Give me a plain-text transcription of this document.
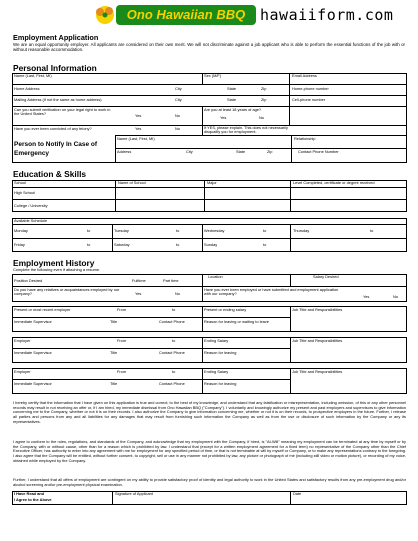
Ono Hawaiian BBQ hawaiiform.com
Employment Application
We are an equal opportunity employer. All applicants are considered on their own merit. We will not discriminate against a job applicant who is able to perform the essential functions of the job with or without reasonable accommodation.
Personal Information
Name (Last, First, MI)	Sex (M/F)	Email Address
Home Address	City	State	Zip	Home-phone number
Mailing Address (if not the same as home address)	City	State	Zip	Cell-phone number
Can you submit verification on your legal right to work in the United States?	Yes	No
Are you at least 18 years of age?
Yes	No
Have you ever been convicted of any felony?	Yes	No	If YES, please explain. This does not necessarily disqualify you for employment.
Person to Notify In Case of Emergency
Name (Last, First, MI)	Relationship
Address	City	State	Zip	Contact Phone Number
Education & Skills
School	Name of School	Major	Level Completed, certificate or degree received
High School
College / University
Available Schedule
Monday	to	Tuesday	to	Wednesday	to	Thursday	to
Friday	to	Saturday	to	Sunday	to
Employment History
Complete the following even if attaching a resume.
Position Desired	Fulltime	Part time
Location	Salary Desired
Do you have any relatives or acquaintances employed by our company?	Yes	No
Have you ever been employed or have submitted and employment application with our company?
Yes	No
Present or most recent employer	From	to	Present or ending salary	Job Title and Responsibilities
Immediate Supervisor	Title	Contact Phone	Reason for leaving or waiting to leave
Employer	From	to	Ending Salary	Job Title and Responsibilities
Immediate Supervisor	Title	Contact Phone	Reason for leaving
Employer	From	to	Ending Salary	Job Title and Responsibilities
Immediate Supervisor	Title	Contact Phone	Reason for leaving
I hereby certify that the information that I have given on this application is true and correct; to the best of my knowledge, and understand that any falsification or misrepresentation, including omission, of this or any other personnel records may result in not receiving an offer or, if I am hired, my immediate dismissal from Ono Hawaiian BBQ ("Company"). I voluntarily and knowingly authorize my present and past employers and supervisors to give information concerning me to the Company, whether or not it is on their records. I also authorize the Company to give information concerning me, whether or not it is on their records, to prospective employers in the future. Further, I release all parties and persons from any and all liabilities for any damages that may result from furnishing such information the Company as well as from the use or disclosure of such information by the Company or any its representatives.
I agree to conform to the rules, regulations, and standards of the Company, and acknowledge that my employment with the Company, if hired, is "At-Will" meaning my employment can be terminated at any time by myself or by the Company, with or without cause, other than for a reason which is prohibited by law. I understand that (except for a written employment agreement for a fixed term) no representative of the Company other than the Chief Executive Officer, has authority to enter into any agreement with me for employment for any specified period of time, or that is not terminable at will by myself or Company, or to make any representations contrary to the foregoing. I also agree that the Company will be entitled, without further consent, to copyright, sell or use in any manner not prohibited by law, any picture or photograph of me (including still video or motion picture), or recording of my voice, obtained while employed by the Company.
Further, I understand that all offers of employment are contingent on my ability to provide satisfactory proof of identity and legal authority to work in the United States and satisfactory results from any pre-employment drug and/or alcohol screening and/or pre-employment physical examination.
I Have Read and
I Agree to the Above
Signature of Applicant	Date
